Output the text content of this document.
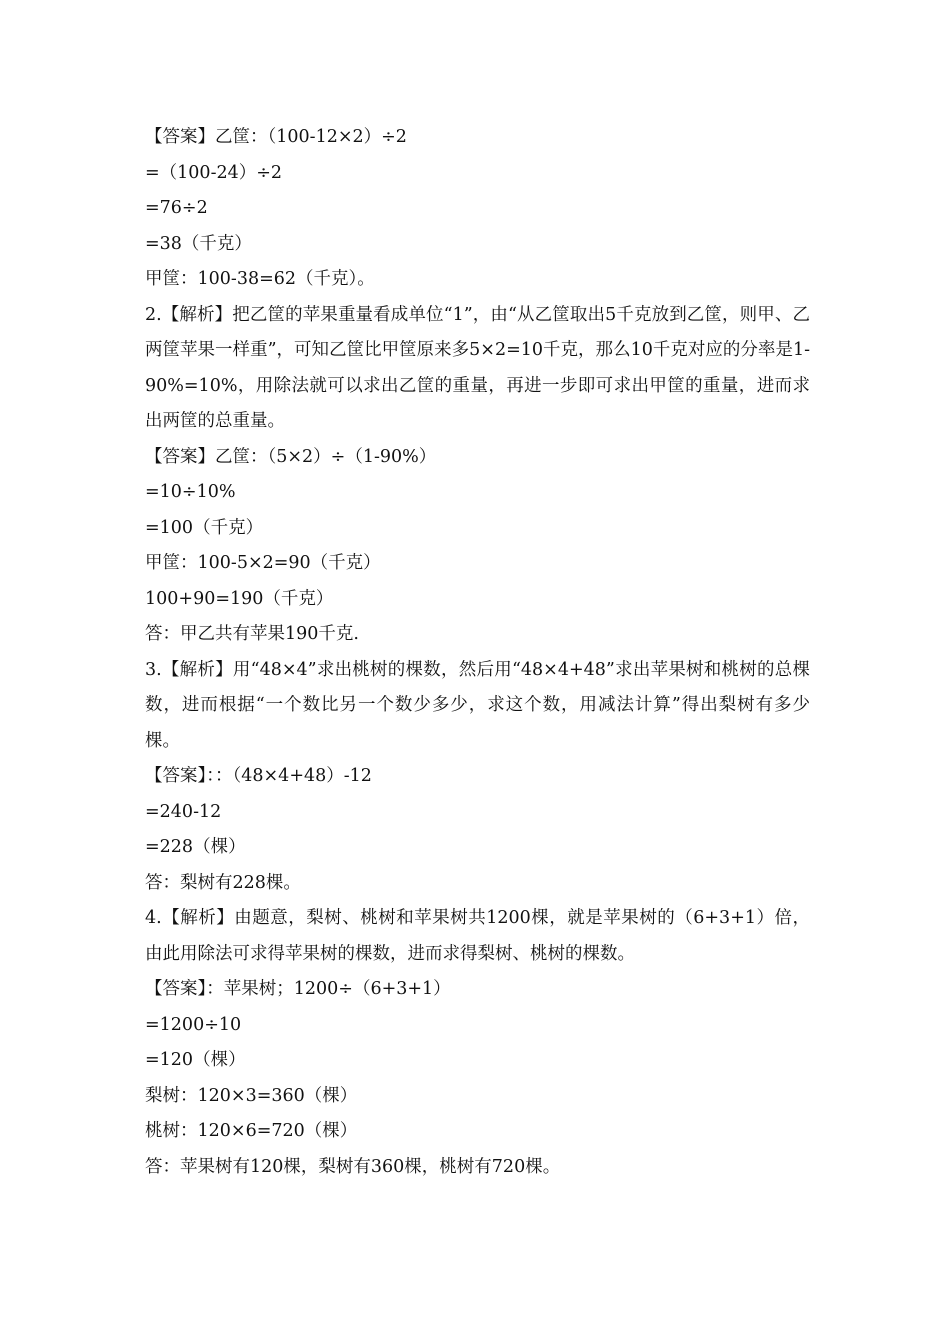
【答案】乙筐：（100-12×2）÷2
=（100-24）÷2
=76÷2
=38（千克）
甲筐：100-38=62（千克）。
2.【解析】把乙筐的苹果重量看成单位“1”，由“从乙筐取出5千克放到乙筐，则甲、乙两筐苹果一样重”，可知乙筐比甲筐原来多5×2=10千克，那么10千克对应的分率是1-90%=10%，用除法就可以求出乙筐的重量，再进一步即可求出甲筐的重量，进而求出两筐的总重量。
【答案】乙筐：（5×2）÷（1-90%）
=10÷10%
=100（千克）
甲筐：100-5×2=90（千克）
100+90=190（千克）
答：甲乙共有苹果190千克.
3.【解析】用“48×4”求出桃树的棵数，然后用“48×4+48”求出苹果树和桃树的总棵数，进而根据“一个数比另一个数少多少，求这个数，用减法计算”得出梨树有多少棵。
【答案】：：（48×4+48）-12
=240-12
=228（棵）
答：梨树有228棵。
4.【解析】由题意，梨树、桃树和苹果树共1200棵，就是苹果树的（6+3+1）倍，由此用除法可求得苹果树的棵数，进而求得梨树、桃树的棵数。
【答案】：苹果树；1200÷（6+3+1）
=1200÷10
=120（棵）
梨树：120×3=360（棵）
桃树：120×6=720（棵）
答：苹果树有120棵，梨树有360棵，桃树有720棵。
